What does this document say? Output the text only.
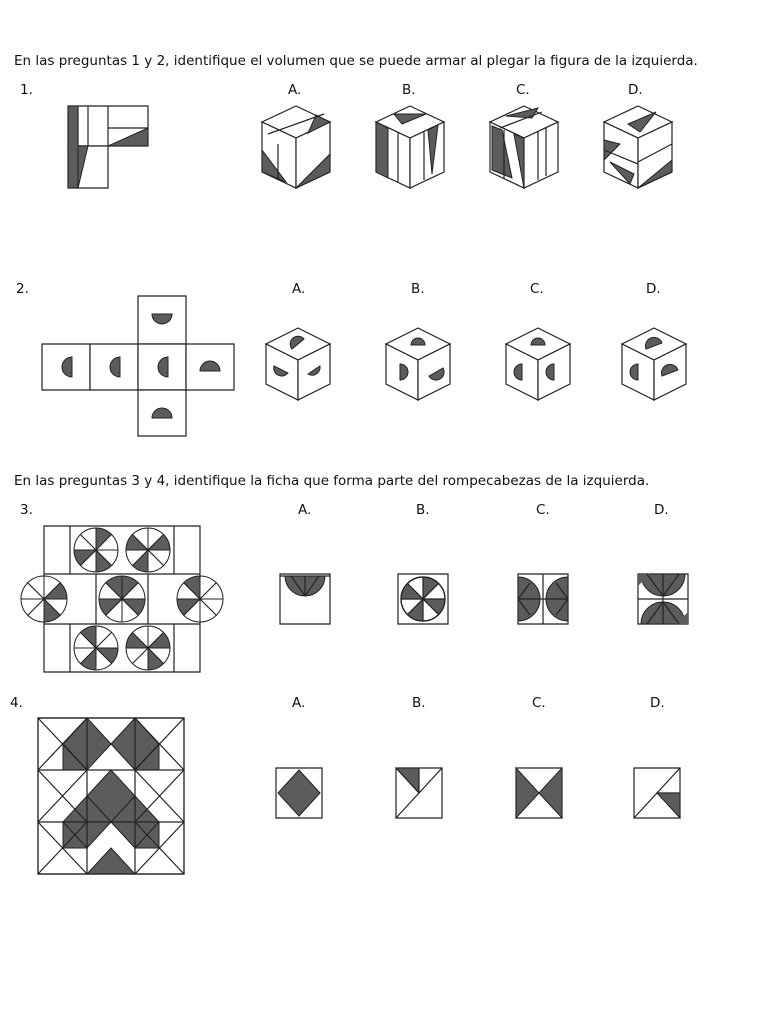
En las preguntas 1 y 2, identifique el volumen que se puede armar al plegar la figura de la izquierda.

1.	A.	B.	C.	D.
2.	A.	B.	C.	D.

En las preguntas 3 y 4, identifique la ficha que forma parte del rompecabezas de la izquierda.

3.	A.	B.	C.	D.
4.	A.	B.	C.	D.
